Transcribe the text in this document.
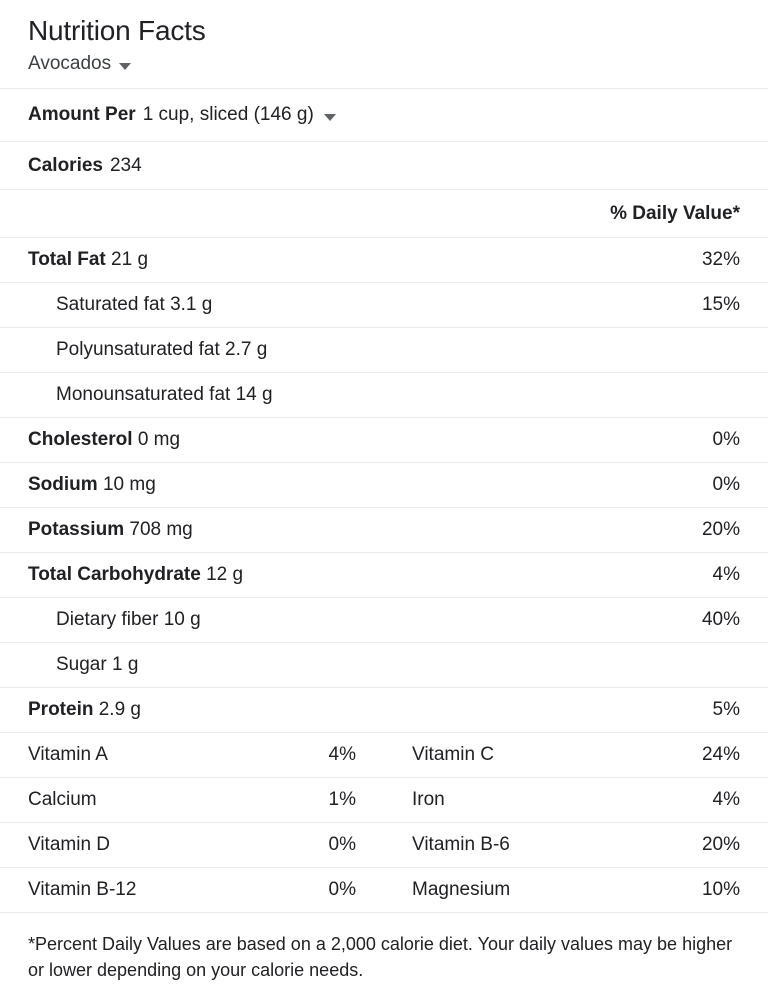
Nutrition Facts
Avocados
Amount Per 1 cup, sliced (146 g)
Calories 234
% Daily Value*
Total Fat 21 g	32%
Saturated fat 3.1 g	15%
Polyunsaturated fat 2.7 g
Monounsaturated fat 14 g
Cholesterol 0 mg	0%
Sodium 10 mg	0%
Potassium 708 mg	20%
Total Carbohydrate 12 g	4%
Dietary fiber 10 g	40%
Sugar 1 g
Protein 2.9 g	5%
Vitamin A	4%	Vitamin C	24%
Calcium	1%	Iron	4%
Vitamin D	0%	Vitamin B-6	20%
Vitamin B-12	0%	Magnesium	10%
*Percent Daily Values are based on a 2,000 calorie diet. Your daily values may be higher or lower depending on your calorie needs.
